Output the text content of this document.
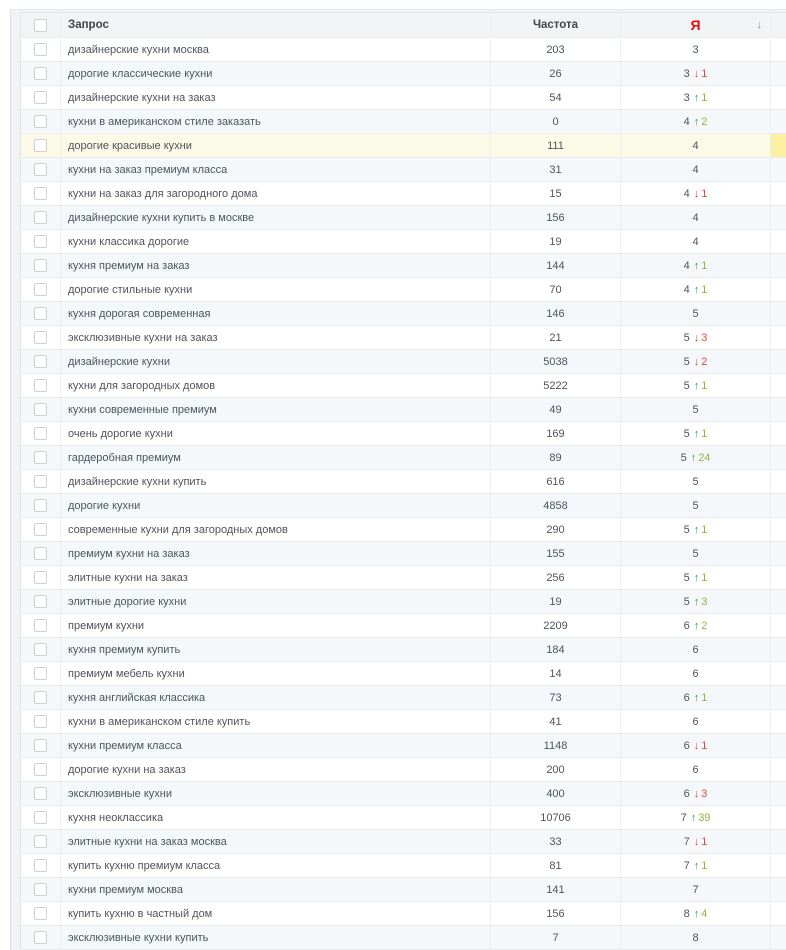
	Запрос	Частота	Я ↓	

	дизайнерские кухни москва	203	3	
	дорогие классические кухни	26	3 ↓ 1	
	дизайнерские кухни на заказ	54	3 ↑ 1	
	кухни в американском стиле заказать	0	4 ↑ 2	
	дорогие красивые кухни	111	4	
	кухни на заказ премиум класса	31	4	
	кухни на заказ для загородного дома	15	4 ↓ 1	
	дизайнерские кухни купить в москве	156	4	
	кухни классика дорогие	19	4	
	кухня премиум на заказ	144	4 ↑ 1	
	дорогие стильные кухни	70	4 ↑ 1	
	кухня дорогая современная	146	5	
	эксклюзивные кухни на заказ	21	5 ↓ 3	
	дизайнерские кухни	5038	5 ↓ 2	
	кухни для загородных домов	5222	5 ↑ 1	
	кухни современные премиум	49	5	
	очень дорогие кухни	169	5 ↑ 1	
	гардеробная премиум	89	5 ↑ 24	
	дизайнерские кухни купить	616	5	
	дорогие кухни	4858	5	
	современные кухни для загородных домов	290	5 ↑ 1	
	премиум кухни на заказ	155	5	
	элитные кухни на заказ	256	5 ↑ 1	
	элитные дорогие кухни	19	5 ↑ 3	
	премиум кухни	2209	6 ↑ 2	
	кухня премиум купить	184	6	
	премиум мебель кухни	14	6	
	кухня английская классика	73	6 ↑ 1	
	кухни в американском стиле купить	41	6	
	кухни премиум класса	1148	6 ↓ 1	
	дорогие кухни на заказ	200	6	
	эксклюзивные кухни	400	6 ↓ 3	
	кухня неоклассика	10706	7 ↑ 39	
	элитные кухни на заказ москва	33	7 ↓ 1	
	купить кухню премиум класса	81	7 ↑ 1	
	кухни премиум москва	141	7	
	купить кухню в частный дом	156	8 ↑ 4	
	эксклюзивные кухни купить	7	8	
